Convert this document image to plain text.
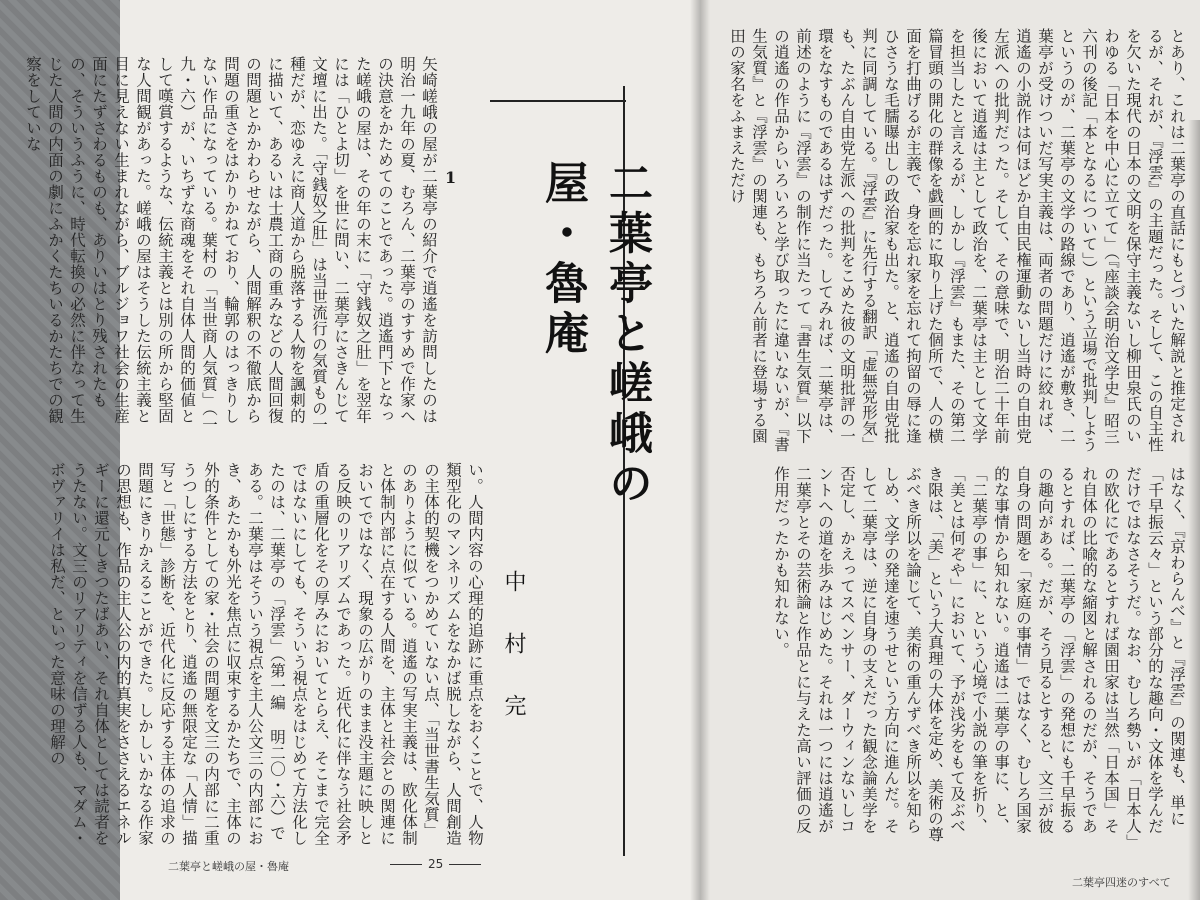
とあり、これは二葉亭の直話にもとづいた解説と推定されるが、それが、『浮雲』の主題だった。そして、この自主性を欠いた現代の日本の文明を保守主義ないし柳田泉氏のいわゆる「日本を中心に立てて」（『座談会明治文学史』昭三六刊の後記「本となるについて」）という立場で批判しようというのが、二葉亭の文学の路線であり、逍遙が敷き、二葉亭が受けついだ写実主義は、両者の問題だけに絞れば、逍遙の小説作は何ほどか自由民権運動ないし当時の自由党左派への批判だった。そして、その意味で、明治二十年前後において逍遙は主として政治を、二葉亭は主として文学を担当したと言えるが、しかし『浮雲』もまた、その第二篇冒頭の開化の群像を戯画的に取り上げた個所で、人の横面を打曲げるが主義で、身を忘れ家を忘れて拘留の辱に逢ひさうな毛臑曝出しの政治家も出た。と、逍遙の自由党批判に同調している。『浮雲』に先行する翻訳「虚無党形気」も、たぶん自由党左派への批判をこめた彼の文明批評の一環をなすものであるはずだった。してみれば、二葉亭は、前述のように『浮雲』の制作に当たって『書生気質』以下の逍遙の作品からいろいろと学び取ったに違いないが、『書生気質』と『浮雲』の関連も、もちろん前者に登場する園田の家名をふまえただけ
はなく、『京わらんべ』と『浮雲』の関連も、単に「千早振云々」という部分的な趣向・文体を学んだだけではなさそうだ。なお、むしろ勢いが「日本人」の欧化にであるとすれば園田家は当然「日本国」それ自体の比喩的な縮図と解されるのだが、そうであるとすれば、二葉亭の「浮雲」の発想にも千早振るの趣向がある。だが、そう見るとすると、文三が彼自身の問題を「家庭の事情」ではなく、むしろ国家的な事情から知れない。逍遙は二葉亭の事に、と、「二葉亭の事」に、という心境で小説の筆を折り、「美とは何ぞや」において、予が浅劣をもて及ぶべき限は、「美」という大真理の大体を定め、美術の尊ぶべき所以を論じて、美術の重んずべき所以を知らしめ、文学の発達を速うせという方向に進んだ。そして二葉亭は、逆に自身の支えだった観念論美学を否定し、かえってスペンサー、ダーウィンないしコントへの道を歩みはじめた。それは一つには逍遙が二葉亭とその芸術論と作品とに与えた高い評価の反作用だったかも知れない。
二葉亭と嵯峨の屋・魯庵
中村完
1
矢崎嵯峨の屋が二葉亭の紹介で逍遙を訪問したのは明治一九年の夏、むろん、二葉亭のすすめで作家への決意をかためてのことであった。逍遙門下となった嵯峨の屋は、その年の末に「守銭奴之肚」を翌年には「ひとよ切」を世に問い、二葉亭にさきんじて文壇に出た。「守銭奴之肚」は当世流行の気質もの一種だが、恋ゆえに商人道から脱落する人物を諷刺的に描いて、あるいは士農工商の重みなどの人間回復の問題とかかわらせながら、人間解釈の不徹底から問題の重さをはかりかねており、輪郭のはっきりしない作品になっている。葉村の「当世商人気質」（一九・六）が、いちずな商魂をそれ自体人間的価値として嘆賞するような、伝統主義とは別の所から堅固な人間観があった。嵯峨の屋はそうした伝統主義と目に見えない生まれながら、ブルジョワ社会の生産面にたずさわるものも、ありいはとり残されたもの、そういうふうに、時代転換の必然に伴なって生じた人間の内面の劇にふかくたちいるかたちでの観察をしていな
い。人間内容の心理的追跡に重点をおくことで、人物類型化のマンネリズムをなかば脱しながら、人間創造の主体的契機をつかめていない点、「当世書生気質」のありように似ている。逍遙の写実主義は、欧化体制と体制内部に点在する人間を、主体と社会との関連においてではなく、現象の広がりのまま没主題に映しとる反映のリアリズムであった。近代化に伴なう社会矛盾の重層化をその厚みにおいてとらえ、そこまで完全ではないにしても、そういう視点をはじめて方法化したのは、二葉亭の「浮雲」（第一編 明二〇・六）である。二葉亭はそういう視点を主人公文三の内部におき、あたかも外光を焦点に収束するかたちで、主体の外的条件としての家・社会の問題を文三の内部に二重うつしにする方法をとり、逍遙の無限定な「人情」描写と「世態」診断を、近代化に反応する主体の追求の問題にきりかえることができた。しかしいかなる作家の思想も、作品の主人公の内的真実をささえるエネルギーに還元しきつたばあい、それ自体としては読者をうたない。文三のリアリティを信ずる人も、マダム・ボヴァリイは私だ、といった意味の理解の
二葉亭と嵯峨の屋・魯庵	25
二葉亭四迷のすべて
